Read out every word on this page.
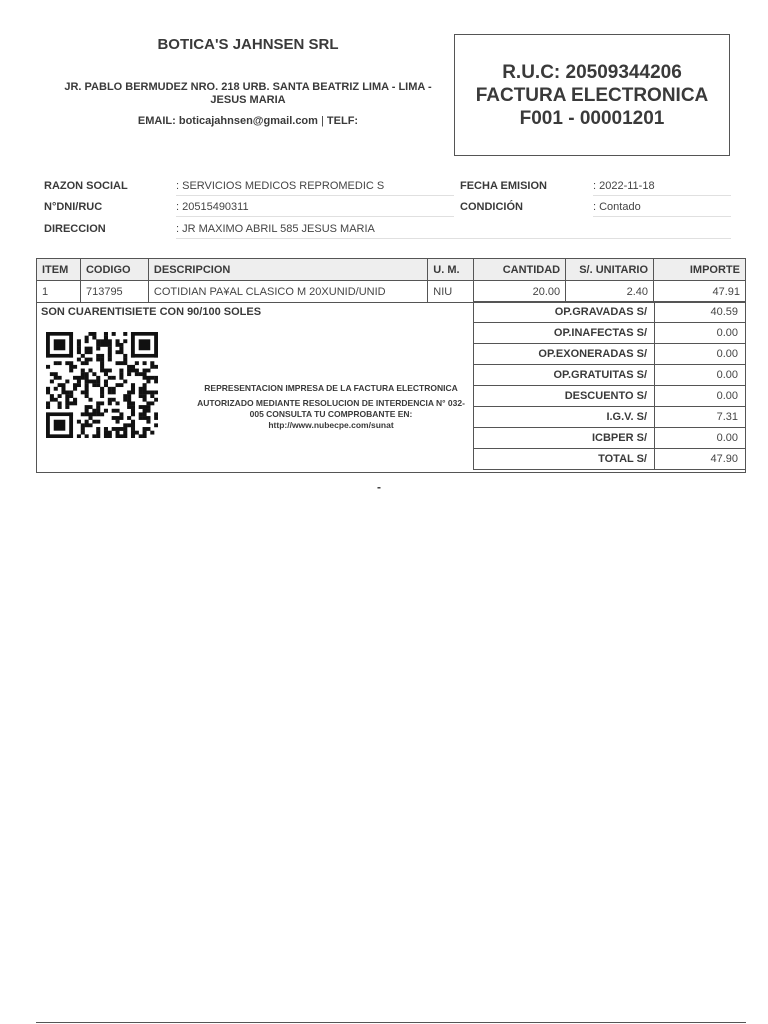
BOTICA'S JAHNSEN SRL
JR. PABLO BERMUDEZ NRO. 218 URB. SANTA BEATRIZ LIMA - LIMA - JESUS MARIA
EMAIL: boticajahnsen@gmail.com | TELF:
R.U.C: 20509344206
FACTURA ELECTRONICA
F001 - 00001201
RAZON SOCIAL	: SERVICIOS MEDICOS REPROMEDIC S
N°DNI/RUC	: 20515490311
DIRECCION	: JR MAXIMO ABRIL 585 JESUS MARIA
FECHA EMISION	: 2022-11-18
CONDICIÓN	: Contado
ITEM	CODIGO	DESCRIPCION	U. M.	CANTIDAD	S/. UNITARIO	IMPORTE
1	713795	COTIDIAN PA¥AL CLASICO M 20XUNID/UNID	NIU	20.00	2.40	47.91
SON CUARENTISIETE CON 90/100 SOLES

REPRESENTACION IMPRESA DE LA FACTURA ELECTRONICA

AUTORIZADO MEDIANTE RESOLUCION DE INTERDENCIA N° 032-005 CONSULTA TU COMPROBANTE EN:

http://www.nubecpe.com/sunat

OP.GRAVADAS S/	40.59
OP.INAFECTAS S/	0.00
OP.EXONERADAS S/	0.00
OP.GRATUITAS S/	0.00
DESCUENTO S/	0.00
I.G.V. S/	7.31
ICBPER S/	0.00
TOTAL S/	47.90
-
